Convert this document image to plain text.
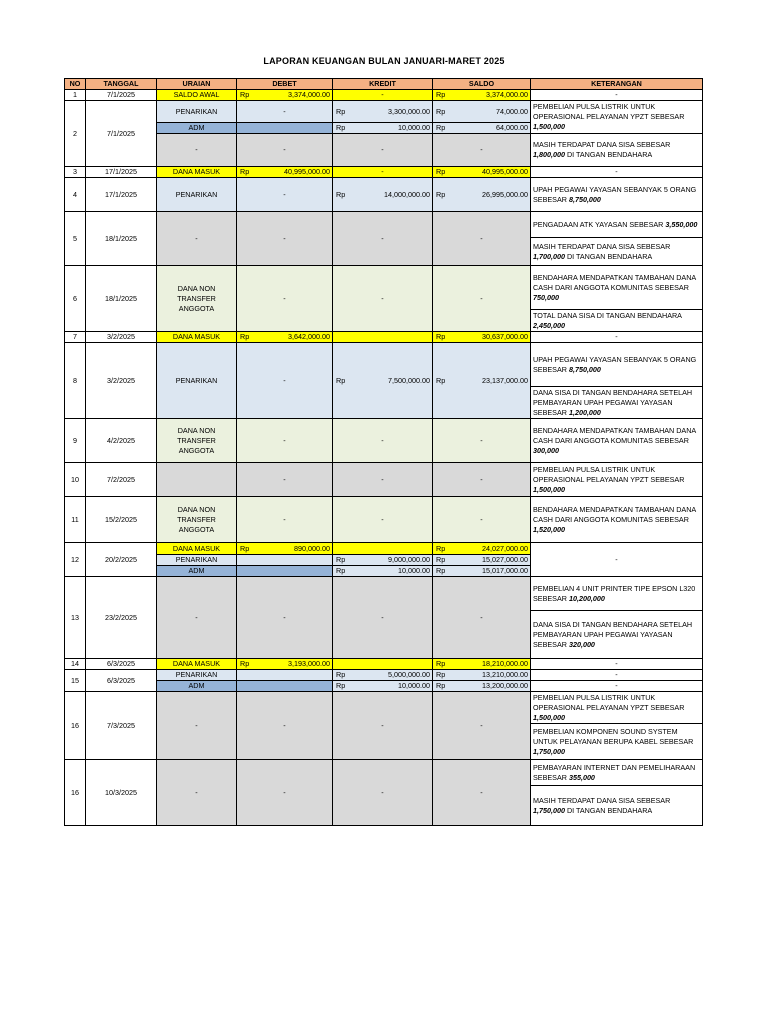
LAPORAN KEUANGAN BULAN JANUARI-MARET 2025
NO	TANGGAL	URAIAN	DEBET	KREDIT	SALDO	KETERANGAN
1	7/1/2025	SALDO AWAL	Rp 3,374,000.00	-	Rp 3,374,000.00	-
2	7/1/2025	PENARIKAN	-	Rp 3,300,000.00	Rp 74,000.00	PEMBELIAN PULSA LISTRIK UNTUK OPERASIONAL PELAYANAN YPZT SEBESAR 1,500,000
		ADM		Rp 10,000.00	Rp 64,000.00	

		-	-	-	-	MASIH TERDAPAT DANA SISA SEBESAR 1,800,000 DI TANGAN BENDAHARA
3	17/1/2025	DANA MASUK	Rp 40,995,000.00	-	Rp 40,995,000.00	-
4	17/1/2025	PENARIKAN	-	Rp 14,000,000.00	Rp 26,995,000.00	UPAH PEGAWAI YAYASAN SEBANYAK 5 ORANG SEBESAR 8,750,000
5	18/1/2025	-	-	-	-	PENGADAAN ATK YAYASAN SEBESAR 3,550,000
						MASIH TERDAPAT DANA SISA SEBESAR 1,700,000 DI TANGAN BENDAHARA
6	18/1/2025	DANA NON TRANSFER ANGGOTA	-	-	-	BENDAHARA MENDAPATKAN TAMBAHAN DANA CASH DARI ANGGOTA KOMUNITAS SEBESAR 750,000
						TOTAL DANA SISA DI TANGAN BENDAHARA 2,450,000
7	3/2/2025	DANA MASUK	Rp 3,642,000.00		Rp 30,637,000.00	-
8	3/2/2025	PENARIKAN	-	Rp 7,500,000.00	Rp 23,137,000.00	UPAH PEGAWAI YAYASAN SEBANYAK 5 ORANG SEBESAR 8,750,000
						DANA SISA DI TANGAN BENDAHARA SETELAH PEMBAYARAN UPAH PEGAWAI YAYASAN SEBESAR 1,200,000
9	4/2/2025	DANA NON TRANSFER ANGGOTA	-	-	-	BENDAHARA MENDAPATKAN TAMBAHAN DANA CASH DARI ANGGOTA KOMUNITAS SEBESAR 300,000
10	7/2/2025		-	-	-	PEMBELIAN PULSA LISTRIK UNTUK OPERASIONAL PELAYANAN YPZT SEBESAR 1,500,000
11	15/2/2025	DANA NON TRANSFER ANGGOTA	-	-	-	BENDAHARA MENDAPATKAN TAMBAHAN DANA CASH DARI ANGGOTA KOMUNITAS SEBESAR 1,520,000
12	20/2/2025	DANA MASUK	Rp 890,000.00		Rp 24,027,000.00	-
		PENARIKAN		Rp 9,000,000.00	Rp 15,027,000.00	

		ADM		Rp 10,000.00	Rp 15,017,000.00	

13	23/2/2025	-	-	-	-	PEMBELIAN 4 UNIT PRINTER TIPE EPSON L320 SEBESAR 10,200,000
						DANA SISA DI TANGAN BENDAHARA SETELAH PEMBAYARAN UPAH PEGAWAI YAYASAN SEBESAR 320,000
14	6/3/2025	DANA MASUK	Rp 3,193,000.00		Rp 18,210,000.00	-
15	6/3/2025	PENARIKAN		Rp 5,000,000.00	Rp 13,210,000.00	-
		ADM		Rp 10,000.00	Rp 13,200,000.00	-
16	7/3/2025	-	-	-	-	PEMBELIAN PULSA LISTRIK UNTUK OPERASIONAL PELAYANAN YPZT SEBESAR 1,500,000
						PEMBELIAN KOMPONEN SOUND SYSTEM UNTUK PELAYANAN BERUPA KABEL SEBESAR 1,750,000
16	10/3/2025	-	-	-	-	PEMBAYARAN INTERNET DAN PEMELIHARAAN SEBESAR 355,000
						MASIH TERDAPAT DANA SISA SEBESAR 1,750,000 DI TANGAN BENDAHARA
